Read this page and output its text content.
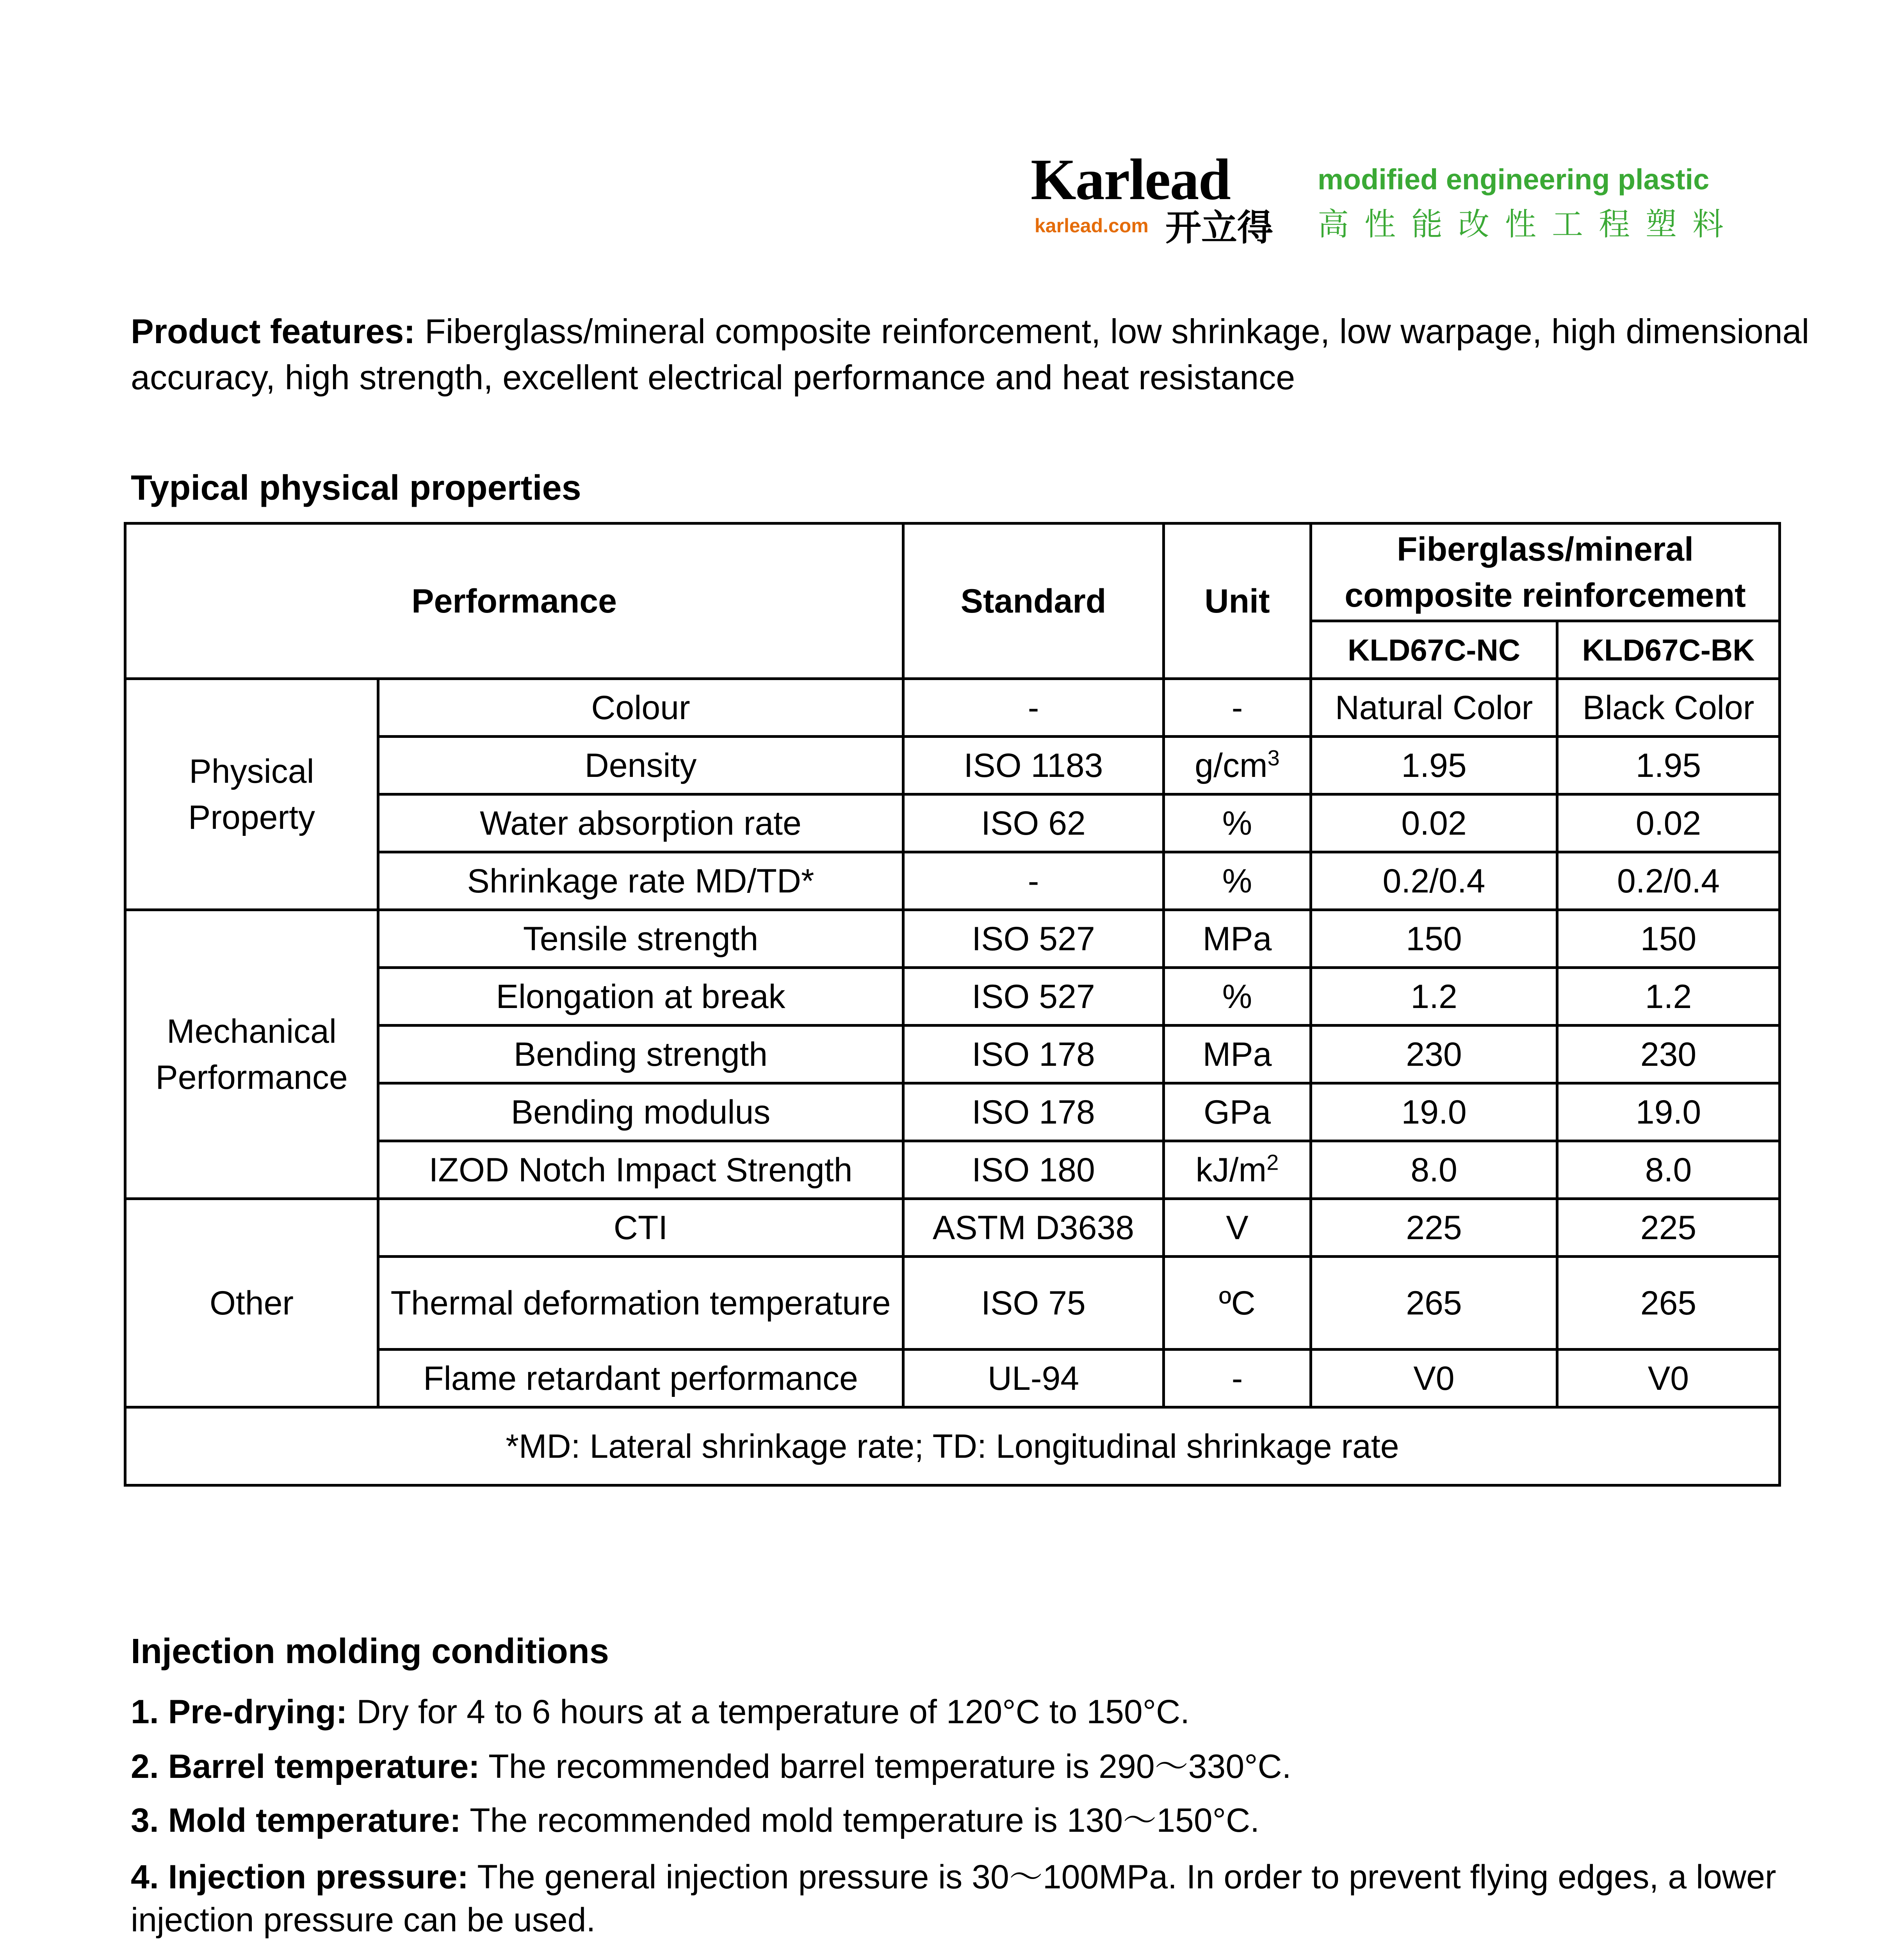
Karlead
karlead.com 开立得
modified engineering plastic
高性能改性工程塑料
Product features: Fiberglass/mineral composite reinforcement, low shrinkage, low warpage, high dimensional accuracy, high strength, excellent electrical performance and heat resistance
Typical physical properties
Performance		Standard	Unit	Fiberglass/mineral composite reinforcement	
				KLD67C-NC	KLD67C-BK
Physical Property	Colour	-	-	Natural Color	Black Color
	Density	ISO 1183	$g/cm^3$	1.95	1.95
	Water absorption rate	ISO 62	%	0.02	0.02
	Shrinkage rate MD/TD*	-	%	0.2/0.4	0.2/0.4
Mechanical Performance	Tensile strength	ISO 527	MPa	150	150
	Elongation at break	ISO 527	%	1.2	1.2
	Bending strength	ISO 178	MPa	230	230
	Bending modulus	ISO 178	GPa	19.0	19.0
	IZOD Notch Impact Strength	ISO 180	$kJ/m^2$	8.0	8.0
Other	CTI	ASTM D3638	V	225	225
	Thermal deformation temperature	ISO 75	ºC	265	265
	Flame retardant performance	UL-94	-	V0	V0
*MD: Lateral shrinkage rate; TD: Longitudinal shrinkage rate					
Injection molding conditions
1. Pre-drying: Dry for 4 to 6 hours at a temperature of 120°C to 150°C.
2. Barrel temperature: The recommended barrel temperature is 290～330°C.
3. Mold temperature: The recommended mold temperature is 130～150°C.
4. Injection pressure: The general injection pressure is 30～100MPa. In order to prevent flying edges, a lower injection pressure can be used.
